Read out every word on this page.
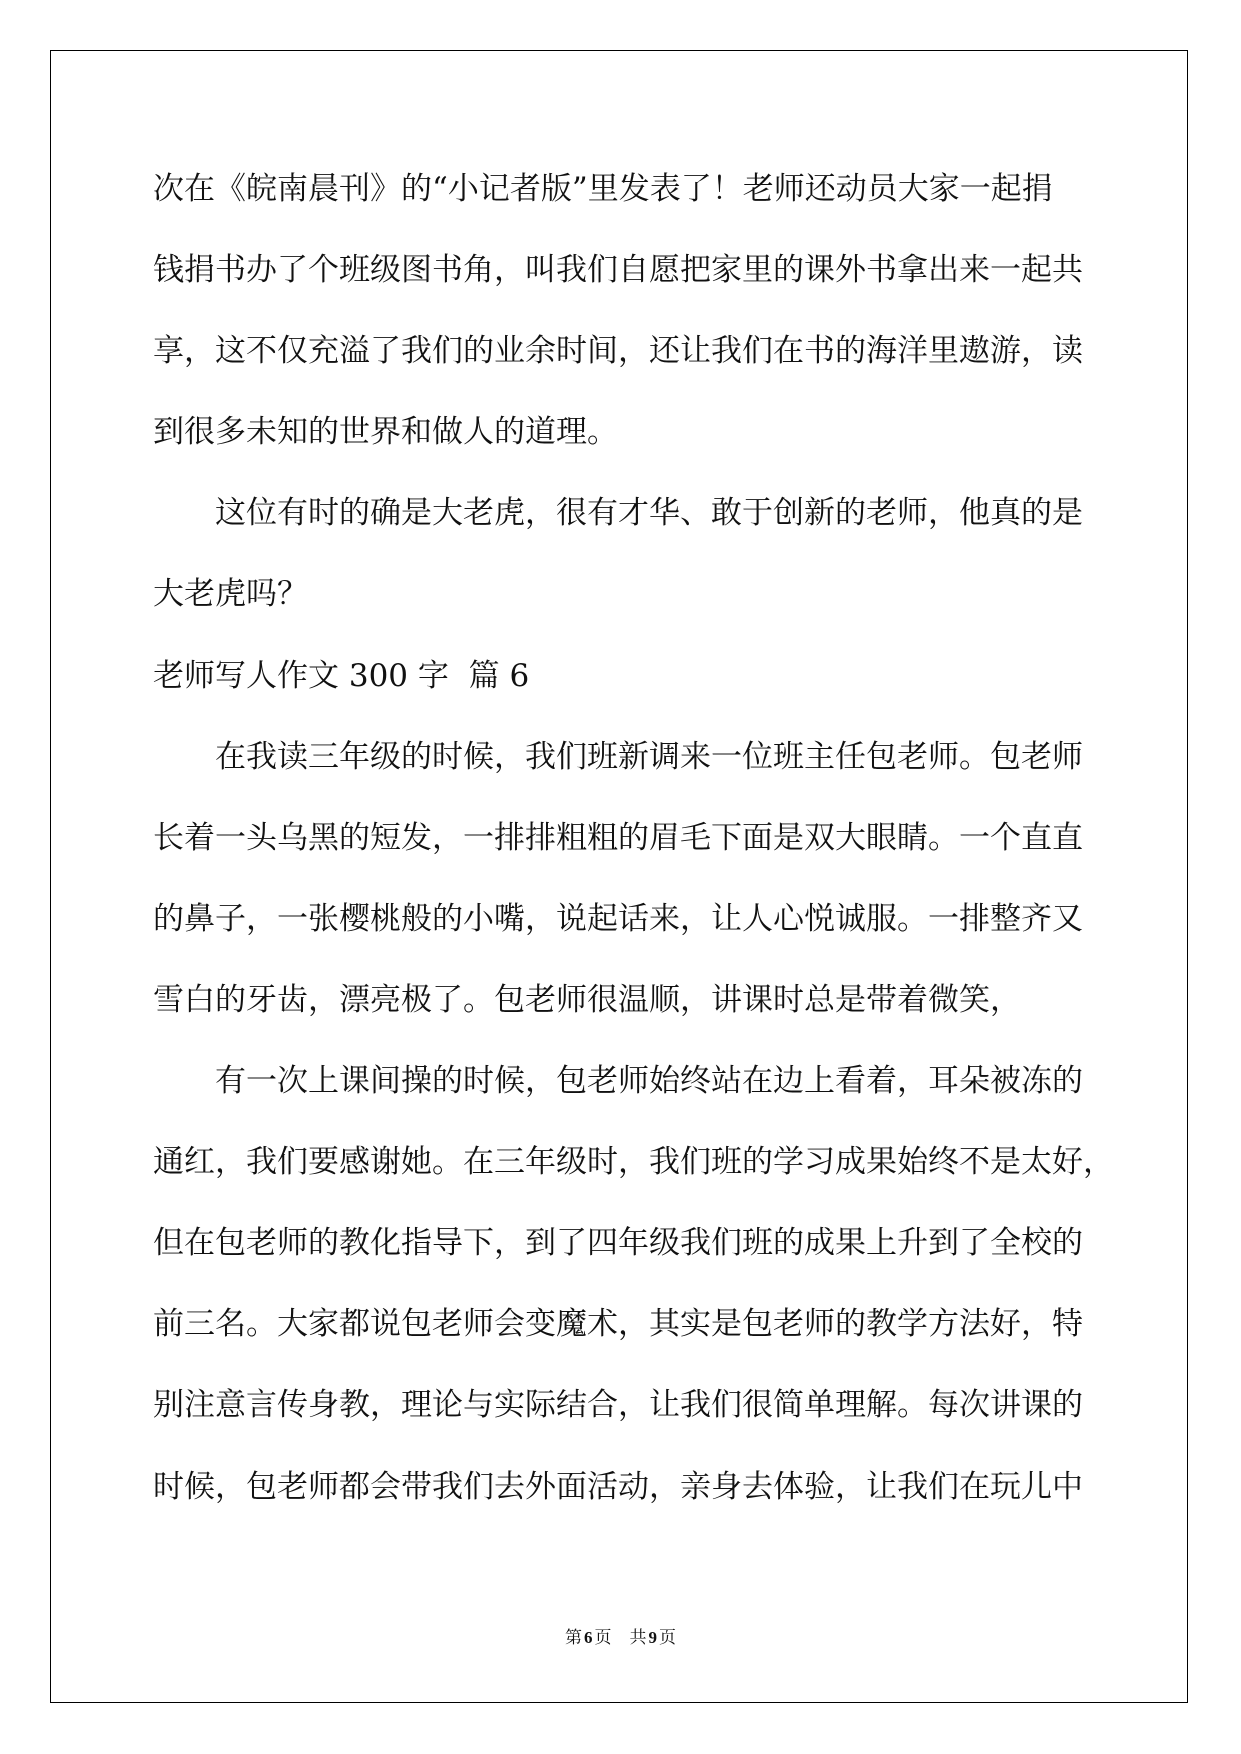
次在《皖南晨刊》的“小记者版”里发表了！老师还动员大家一起捐
钱捐书办了个班级图书角，叫我们自愿把家里的课外书拿出来一起共
享，这不仅充溢了我们的业余时间，还让我们在书的海洋里遨游，读
到很多未知的世界和做人的道理。
这位有时的确是大老虎，很有才华、敢于创新的老师，他真的是
大老虎吗？
老师写人作文 300 字  篇 6
在我读三年级的时候，我们班新调来一位班主任包老师。包老师
长着一头乌黑的短发，一排排粗粗的眉毛下面是双大眼睛。一个直直
的鼻子，一张樱桃般的小嘴，说起话来，让人心悦诚服。一排整齐又
雪白的牙齿，漂亮极了。包老师很温顺，讲课时总是带着微笑，
有一次上课间操的时候，包老师始终站在边上看着，耳朵被冻的
通红，我们要感谢她。在三年级时，我们班的学习成果始终不是太好，
但在包老师的教化指导下，到了四年级我们班的成果上升到了全校的
前三名。大家都说包老师会变魔术，其实是包老师的教学方法好，特
别注意言传身教，理论与实际结合，让我们很简单理解。每次讲课的
时候，包老师都会带我们去外面活动，亲身去体验，让我们在玩儿中
第 6 页 共 9 页
